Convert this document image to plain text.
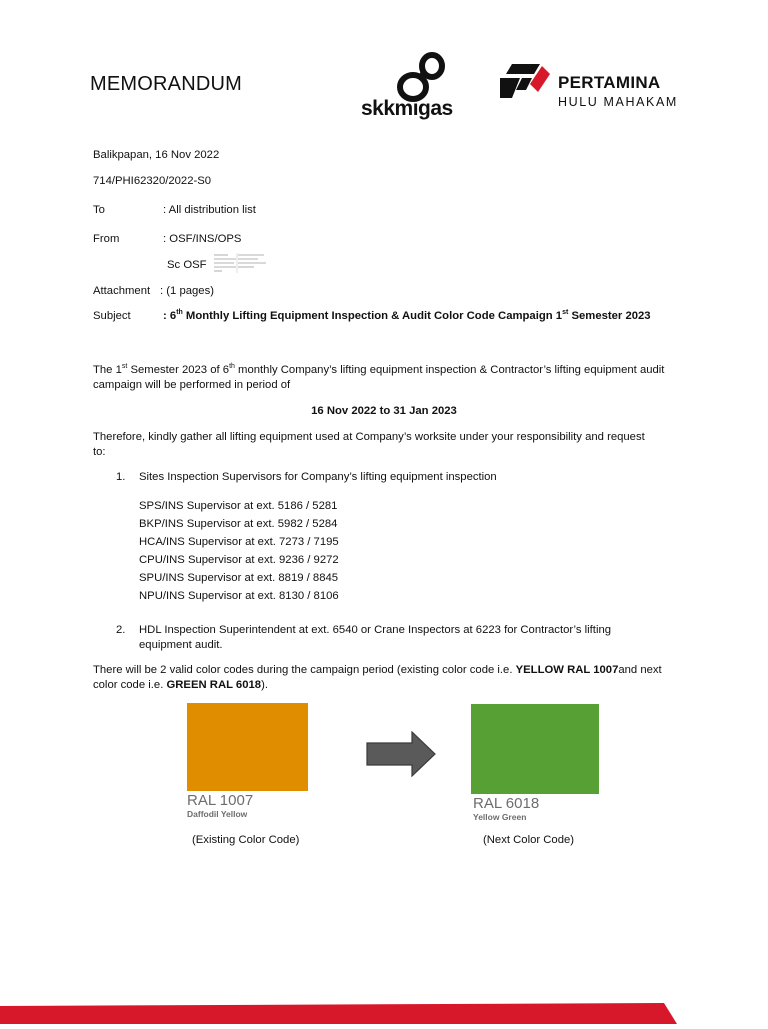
MEMORANDUM
skkmigas
PERTAMINA
HULU MAHAKAM
Balikpapan, 16 Nov 2022
714/PHI62320/2022-S0
To	: All distribution list
From	: OSF/INS/OPS
Sc OSF
Attachment : (1 pages)
Subject	: 6th Monthly Lifting Equipment Inspection & Audit Color Code Campaign 1st Semester 2023
The 1st Semester 2023 of 6th monthly Company’s lifting equipment inspection & Contractor’s lifting equipment audit campaign will be performed in period of
16 Nov 2022 to 31 Jan 2023
Therefore, kindly gather all lifting equipment used at Company’s worksite under your responsibility and request to:
1. Sites Inspection Supervisors for Company’s lifting equipment inspection
SPS/INS Supervisor at ext. 5186 / 5281
BKP/INS Supervisor at ext. 5982 / 5284
HCA/INS Supervisor at ext. 7273 / 7195
CPU/INS Supervisor at ext. 9236 / 9272
SPU/INS Supervisor at ext. 8819 / 8845
NPU/INS Supervisor at ext. 8130 / 8106
2. HDL Inspection Superintendent at ext. 6540 or Crane Inspectors at 6223 for Contractor’s lifting equipment audit.
There will be 2 valid color codes during the campaign period (existing color code i.e. YELLOW RAL 1007and next color code i.e. GREEN RAL 6018).
RAL 1007
Daffodil Yellow
RAL 6018
Yellow Green
(Existing Color Code)	(Next Color Code)
